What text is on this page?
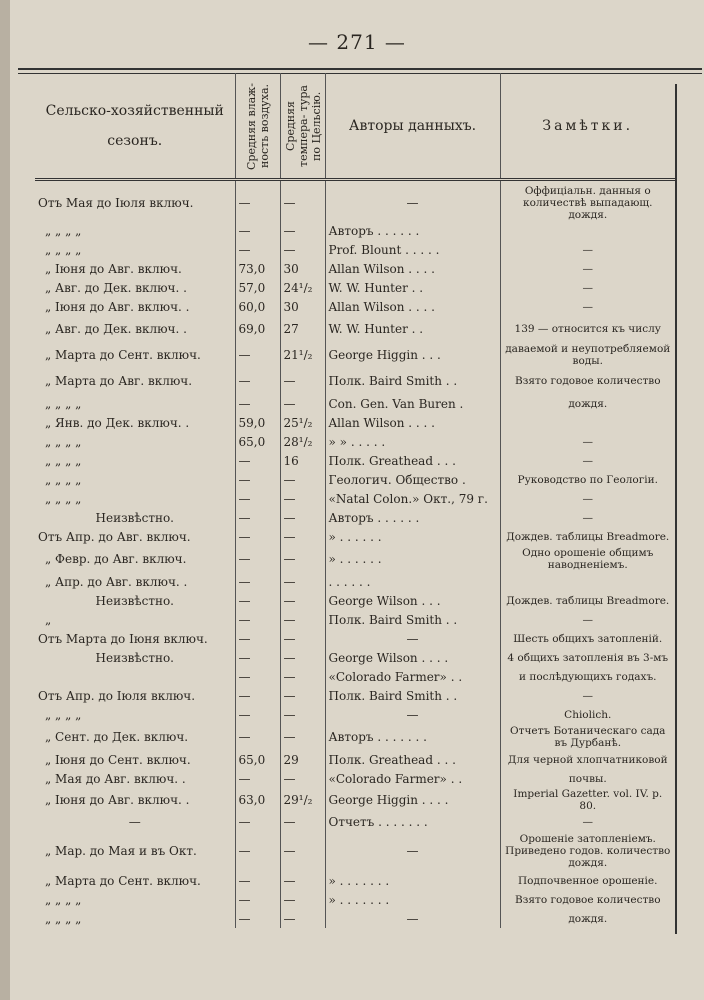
— 271 —
Сельско-хозяйственный сезонъ.	Средняя влаж- ность воздуха.	Средняя темпера- тура по Цельсію.	Авторы данныхъ.	Замѣтки.
Отъ Мая до Іюля включ.	—	—	—	Оффиціальн. данныя о количествѣ выпадающ. дождя.
„ „ „ „	—	—	Авторъ . . . . . .	
„ „ „ „	—	—	Prof. Blount . . . . .	—
„ Іюня до Авг. включ.	73,0	30	Allan Wilson . . . .	—
„ Авг. до Дек. включ. .	57,0	24¹/₂	W. W. Hunter . .	—
„ Іюня до Авг. включ. .	60,0	30	Allan Wilson . . . .	—
„ Авг. до Дек. включ. .	69,0	27	W. W. Hunter . .	139 — относится къ числу
„ Марта до Сент. включ.	—	21¹/₂	George Higgin . . .	даваемой и неупотребляемой воды.
„ Марта до Авг. включ.	—	—	Полк. Baird Smith . .	Взято годовое количество
„ „ „ „	—	—	Con. Gen. Van Buren .	дождя.
„ Янв. до Дек. включ. .	59,0	25¹/₂	Allan Wilson . . . .	
„ „ „ „	65,0	28¹/₂	» » . . . . .	—
„ „ „ „	—	16	Полк. Greathead . . .	—
„ „ „ „	—	—	Геологич. Общество .	Руководство по Геологіи.
„ „ „ „	—	—	«Natal Colon.» Окт., 79 г.	—
Неизвѣстно.	—	—	Авторъ . . . . . .	—
Отъ Апр. до Авг. включ.	—	—	» . . . . . .	Дождев. таблицы Breadmore.
„ Февр. до Авг. включ.	—	—	» . . . . . .	Одно орошеніе общимъ наводненіемъ.
„ Апр. до Авг. включ. .	—	—	. . . . . .	
Неизвѣстно.	—	—	George Wilson . . .	Дождев. таблицы Breadmore.
„	—	—	Полк. Baird Smith . .	—
Отъ Марта до Іюня включ.	—	—	—	Шесть общихъ затопленій.
Неизвѣстно.	—	—	George Wilson . . . .	4 общихъ затопленія въ 3-мъ
	—	—	«Colorado Farmer» . .	и послѣдующихъ годахъ.
Отъ Апр. до Іюля включ.	—	—	Полк. Baird Smith . .	—
„ „ „ „	—	—	—	Chiolich.
„ Сент. до Дек. включ.	—	—	Авторъ . . . . . . .	Отчетъ Ботаническаго сада въ Дурбанѣ.
„ Іюня до Сент. включ.	65,0	29	Полк. Greathead . . .	Для черной хлопчатниковой
„ Мая до Авг. включ. .	—	—	«Colorado Farmer» . .	почвы.
„ Іюня до Авг. включ. .	63,0	29¹/₂	George Higgin . . . .	Imperial Gazetter. vol. IV. p. 80.
—	—	—	Отчетъ . . . . . . .	—
„ Мар. до Мая и въ Окт.	—	—	—	Орошеніе затопленіемъ. Приведено годов. количество дождя.
„ Марта до Сент. включ.	—	—	» . . . . . . .	Подпочвенное орошеніе.
„ „ „ „	—	—	» . . . . . . .	Взято годовое количество
„ „ „ „	—	—	—	дождя.
